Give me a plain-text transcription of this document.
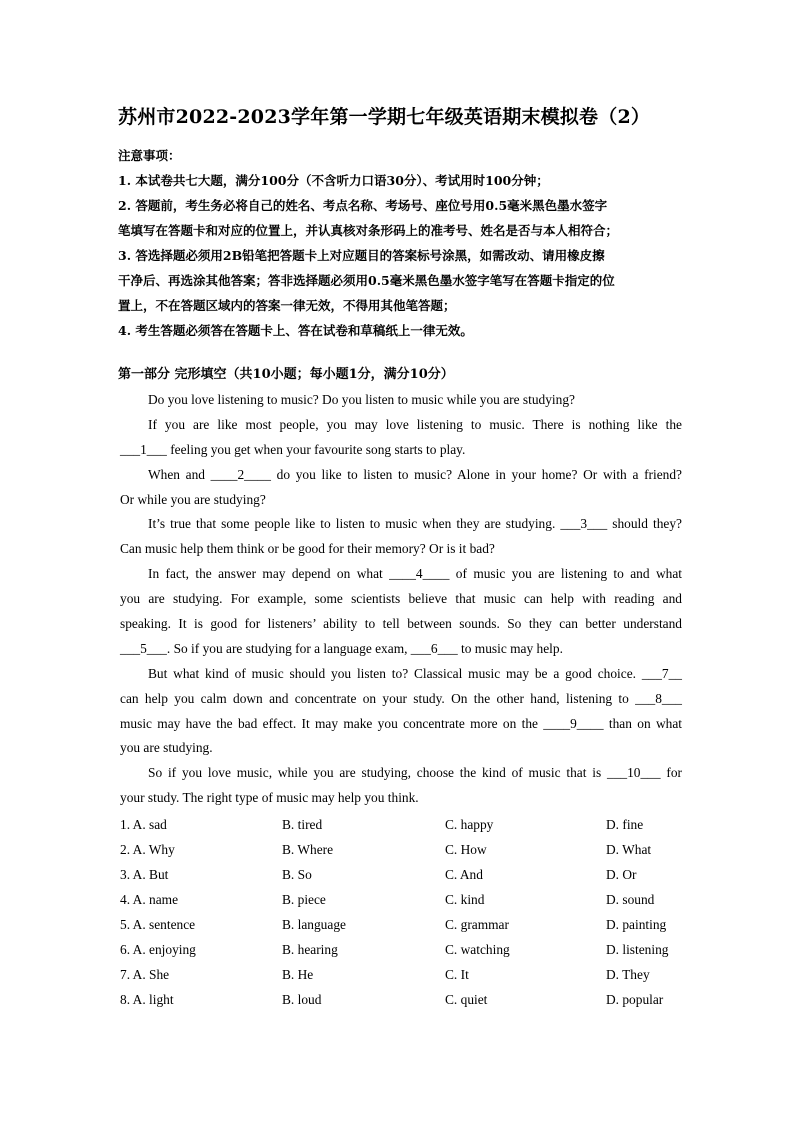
苏州市2022-2023学年第一学期七年级英语期末模拟卷（2）
注意事项：
1. 本试卷共七大题，满分100分（不含听力口语30分）、考试用时100分钟；
2. 答题前，考生务必将自己的姓名、考点名称、考场号、座位号用0.5毫米黑色墨水签字
笔填写在答题卡和对应的位置上，并认真核对条形码上的准考号、姓名是否与本人相符合；
3. 答选择题必须用2B铅笔把答题卡上对应题目的答案标号涂黑，如需改动、请用橡皮擦
干净后、再选涂其他答案；答非选择题必须用0.5毫米黑色墨水签字笔写在答题卡指定的位
置上，不在答题区域内的答案一律无效，不得用其他笔答题；
4. 考生答题必须答在答题卡上、答在试卷和草稿纸上一律无效。
第一部分 完形填空（共10小题；每小题1分，满分10分）
Do you love listening to music? Do you listen to music while you are studying?
If you are like most people, you may love listening to music. There is nothing like the
___1___ feeling you get when your favourite song starts to play.
When and ____2____ do you like to listen to music? Alone in your home? Or with a friend?
Or while you are studying?
It’s true that some people like to listen to music when they are studying. ___3___ should they?
Can music help them think or be good for their memory? Or is it bad?
In fact, the answer may depend on what ____4____ of music you are listening to and what
you are studying. For example, some scientists believe that music can help with reading and
speaking. It is good for listeners’ ability to tell between sounds. So they can better understand
___5___. So if you are studying for a language exam, ___6___ to music may help.
But what kind of music should you listen to? Classical music may be a good choice. ___7__
can help you calm down and concentrate on your study. On the other hand, listening to ___8___
music may have the bad effect. It may make you concentrate more on the ____9____ than on what
you are studying.
So if you love music, while you are studying, choose the kind of music that is ___10___ for
your study. The right type of music may help you think.
1. A. sad	B. tired	C. happy	D. fine
2. A. Why	B. Where	C. How	D. What
3. A. But	B. So	C. And	D. Or
4. A. name	B. piece	C. kind	D. sound
5. A. sentence	B. language	C. grammar	D. painting
6. A. enjoying	B. hearing	C. watching	D. listening
7. A. She	B. He	C. It	D. They
8. A. light	B. loud	C. quiet	D. popular
